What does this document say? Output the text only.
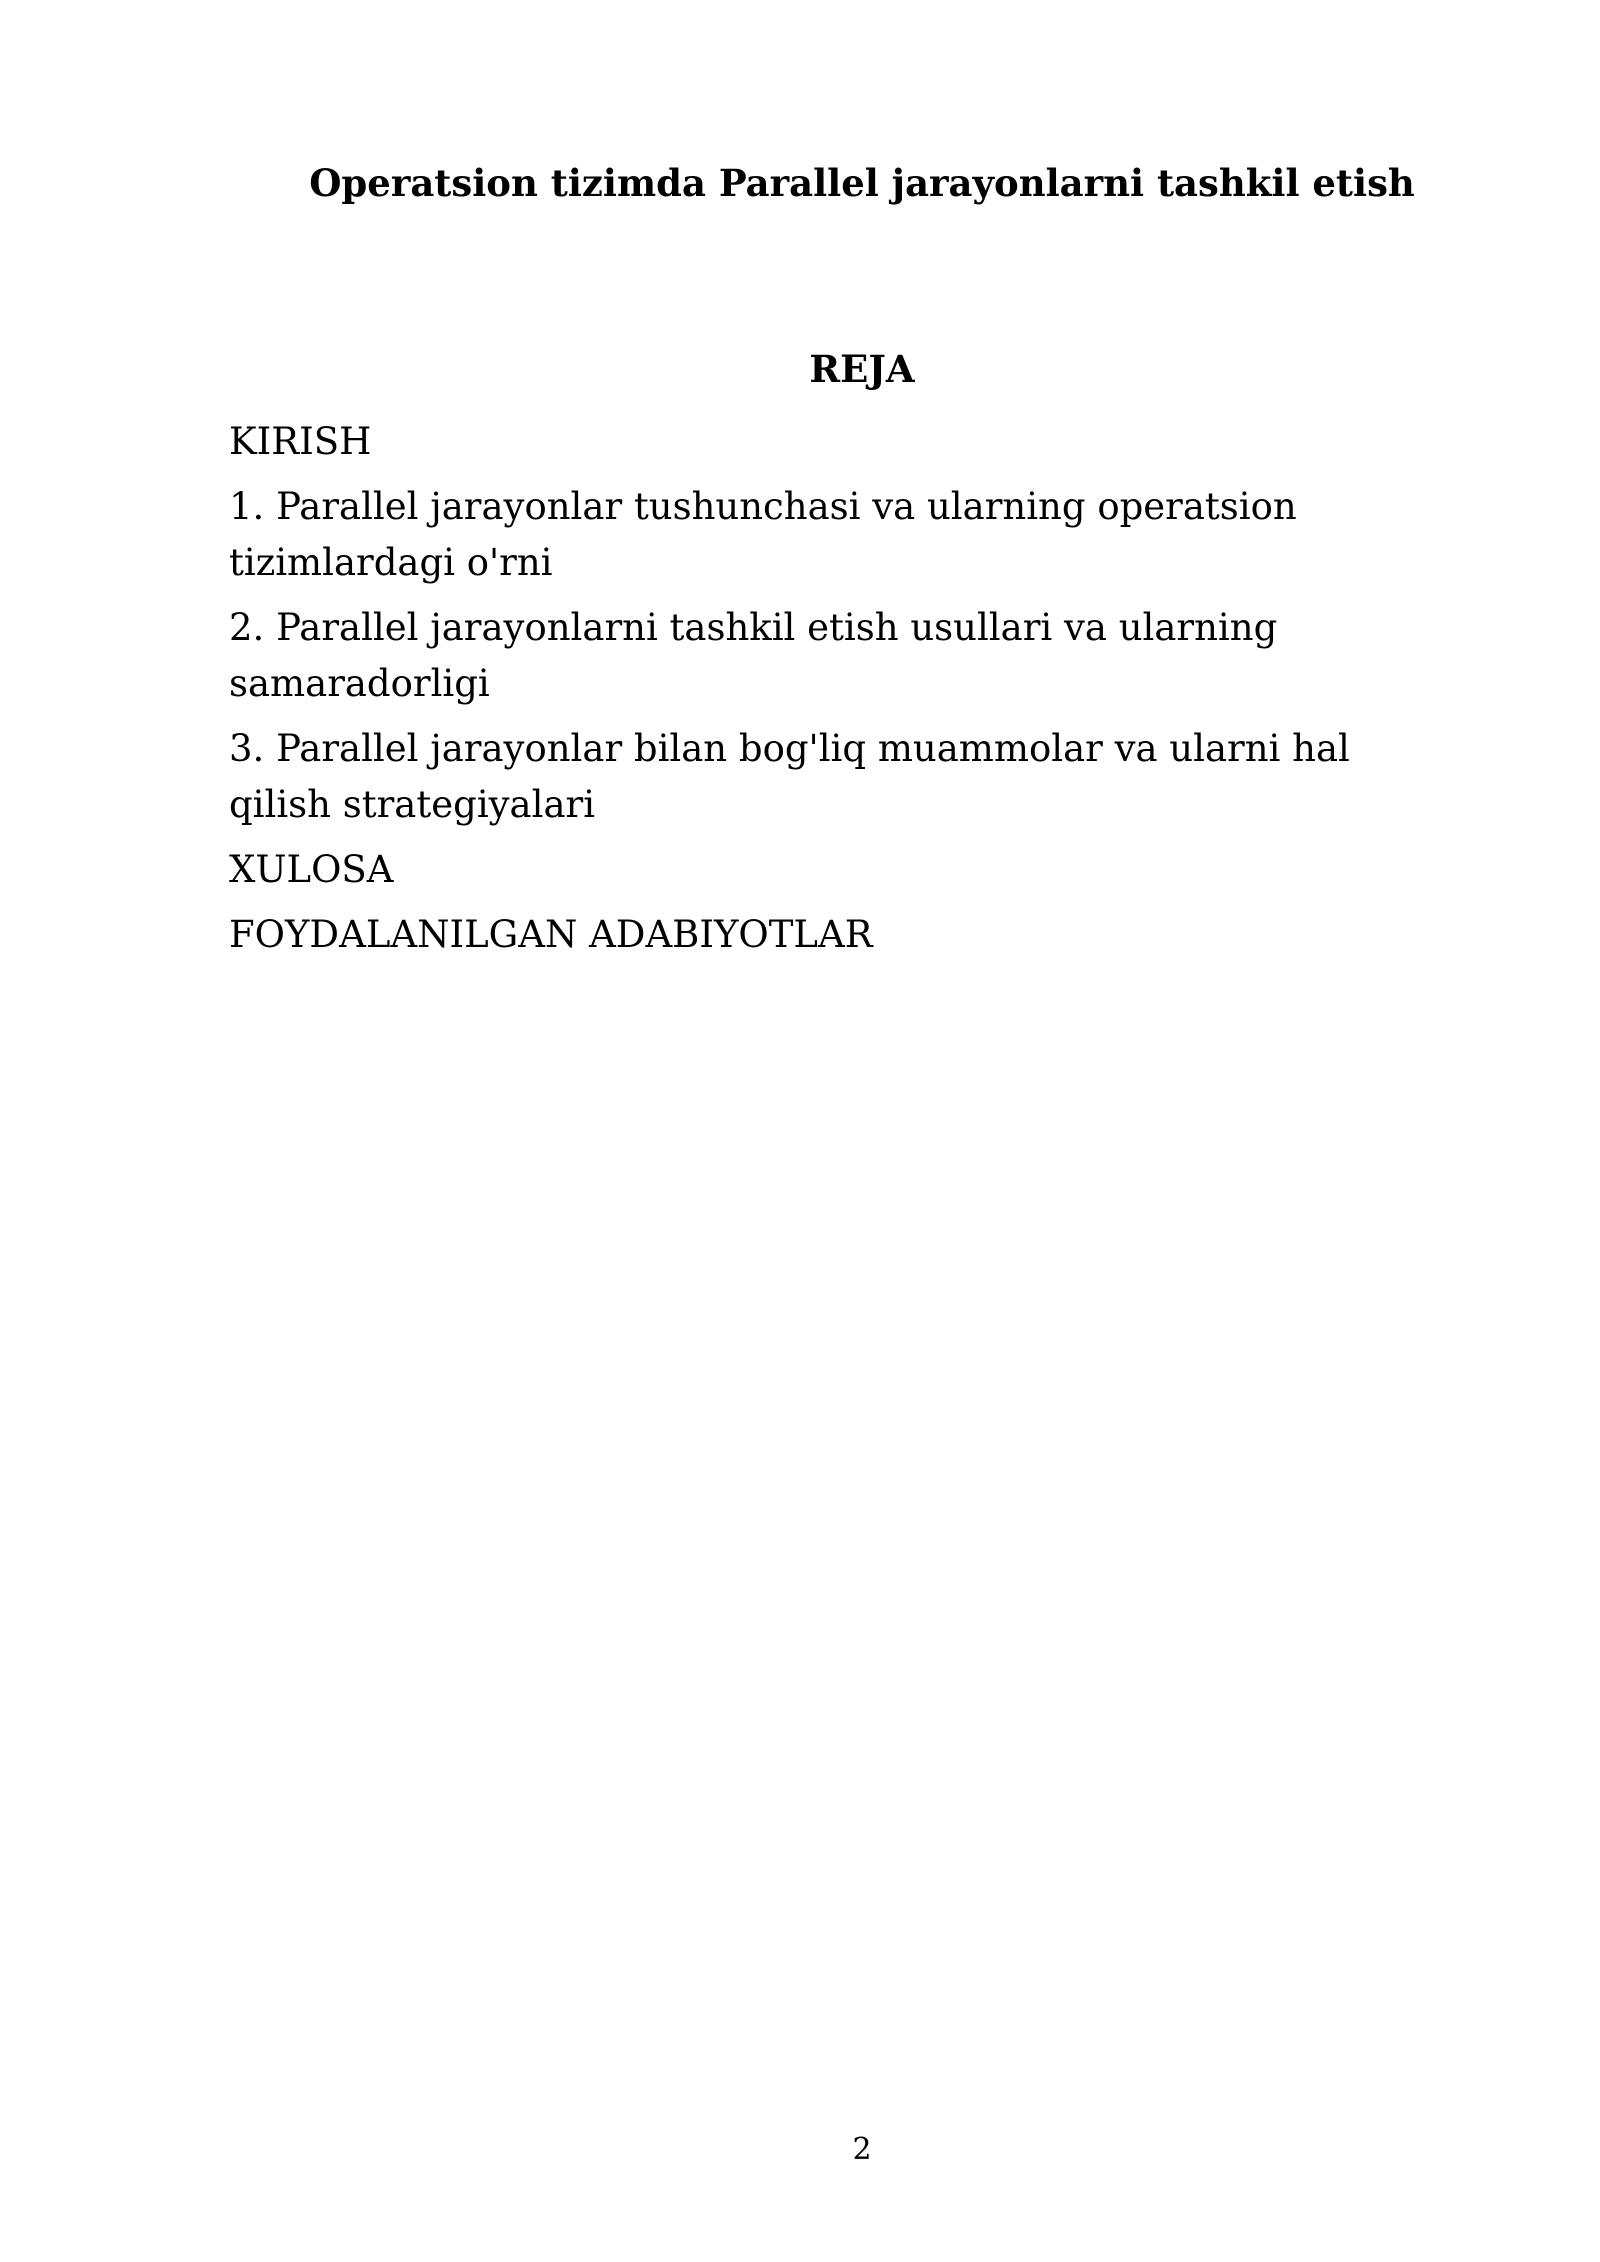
Operatsion tizimda Parallel jarayonlarni tashkil etish
REJA
KIRISH
1. Parallel jarayonlar tushunchasi va ularning operatsion tizimlardagi o'rni
2. Parallel jarayonlarni tashkil etish usullari va ularning samaradorligi
3. Parallel jarayonlar bilan bog'liq muammolar va ularni hal qilish strategiyalari
XULOSA
FOYDALANILGAN ADABIYOTLAR
2
